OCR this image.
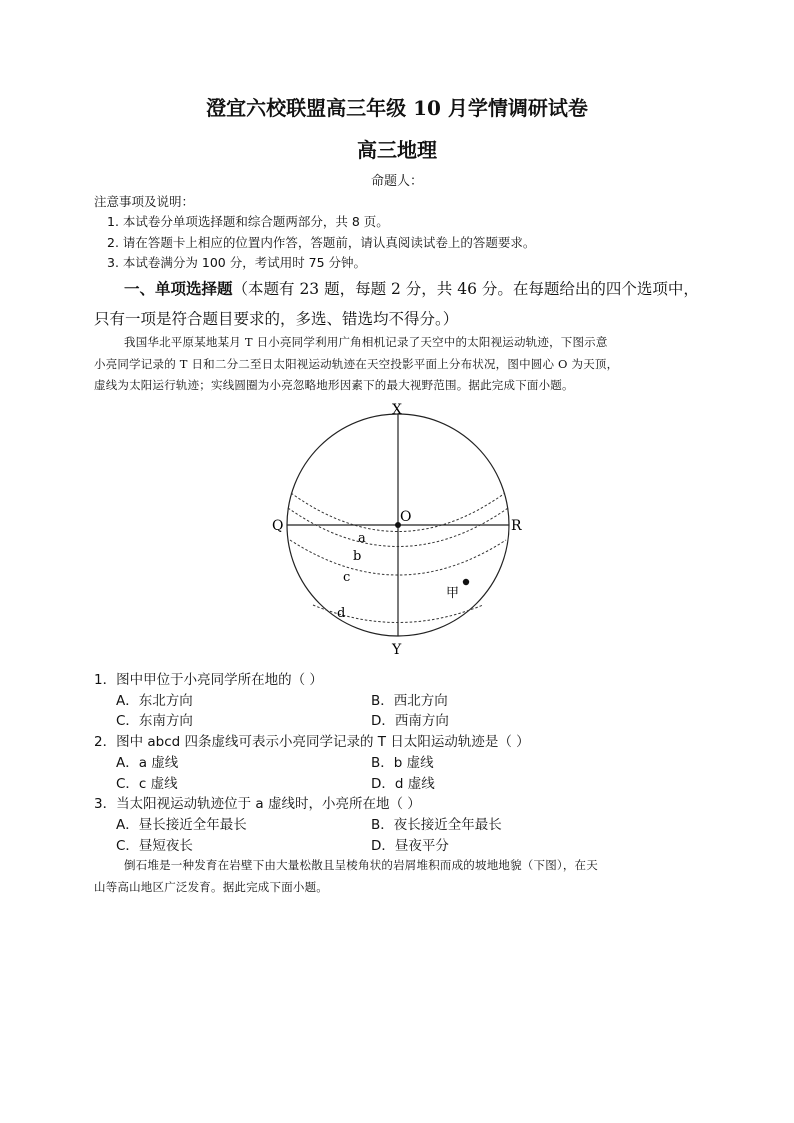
澄宜六校联盟高三年级 10 月学情调研试卷
高三地理
命题人：
注意事项及说明：
1. 本试卷分单项选择题和综合题两部分，共 8 页。
2. 请在答题卡上相应的位置内作答，答题前，请认真阅读试卷上的答题要求。
3. 本试卷满分为 100 分，考试用时 75 分钟。
一、单项选择题（本题有 23 题，每题 2 分，共 46 分。在每题给出的四个选项中，
只有一项是符合题目要求的，多选、错选均不得分。）
我国华北平原某地某月 T 日小亮同学利用广角相机记录了天空中的太阳视运动轨迹，下图示意
小亮同学记录的 T 日和二分二至日太阳视运动轨迹在天空投影平面上分布状况，图中圆心 O 为天顶，
虚线为太阳运行轨迹；实线圆圈为小亮忽略地形因素下的最大视野范围。据此完成下面小题。
X
Y
Q	R
O
a
b
c
d
甲
1．图中甲位于小亮同学所在地的（ ）
A．东北方向	B．西北方向
C．东南方向	D．西南方向
2．图中 abcd 四条虚线可表示小亮同学记录的 T 日太阳运动轨迹是（ ）
A．a 虚线	B．b 虚线
C．c 虚线	D．d 虚线
3．当太阳视运动轨迹位于 a 虚线时，小亮所在地（ ）
A．昼长接近全年最长	B．夜长接近全年最长
C．昼短夜长	D．昼夜平分
倒石堆是一种发育在岩壁下由大量松散且呈棱角状的岩屑堆积而成的坡地地貌（下图），在天
山等高山地区广泛发育。据此完成下面小题。
